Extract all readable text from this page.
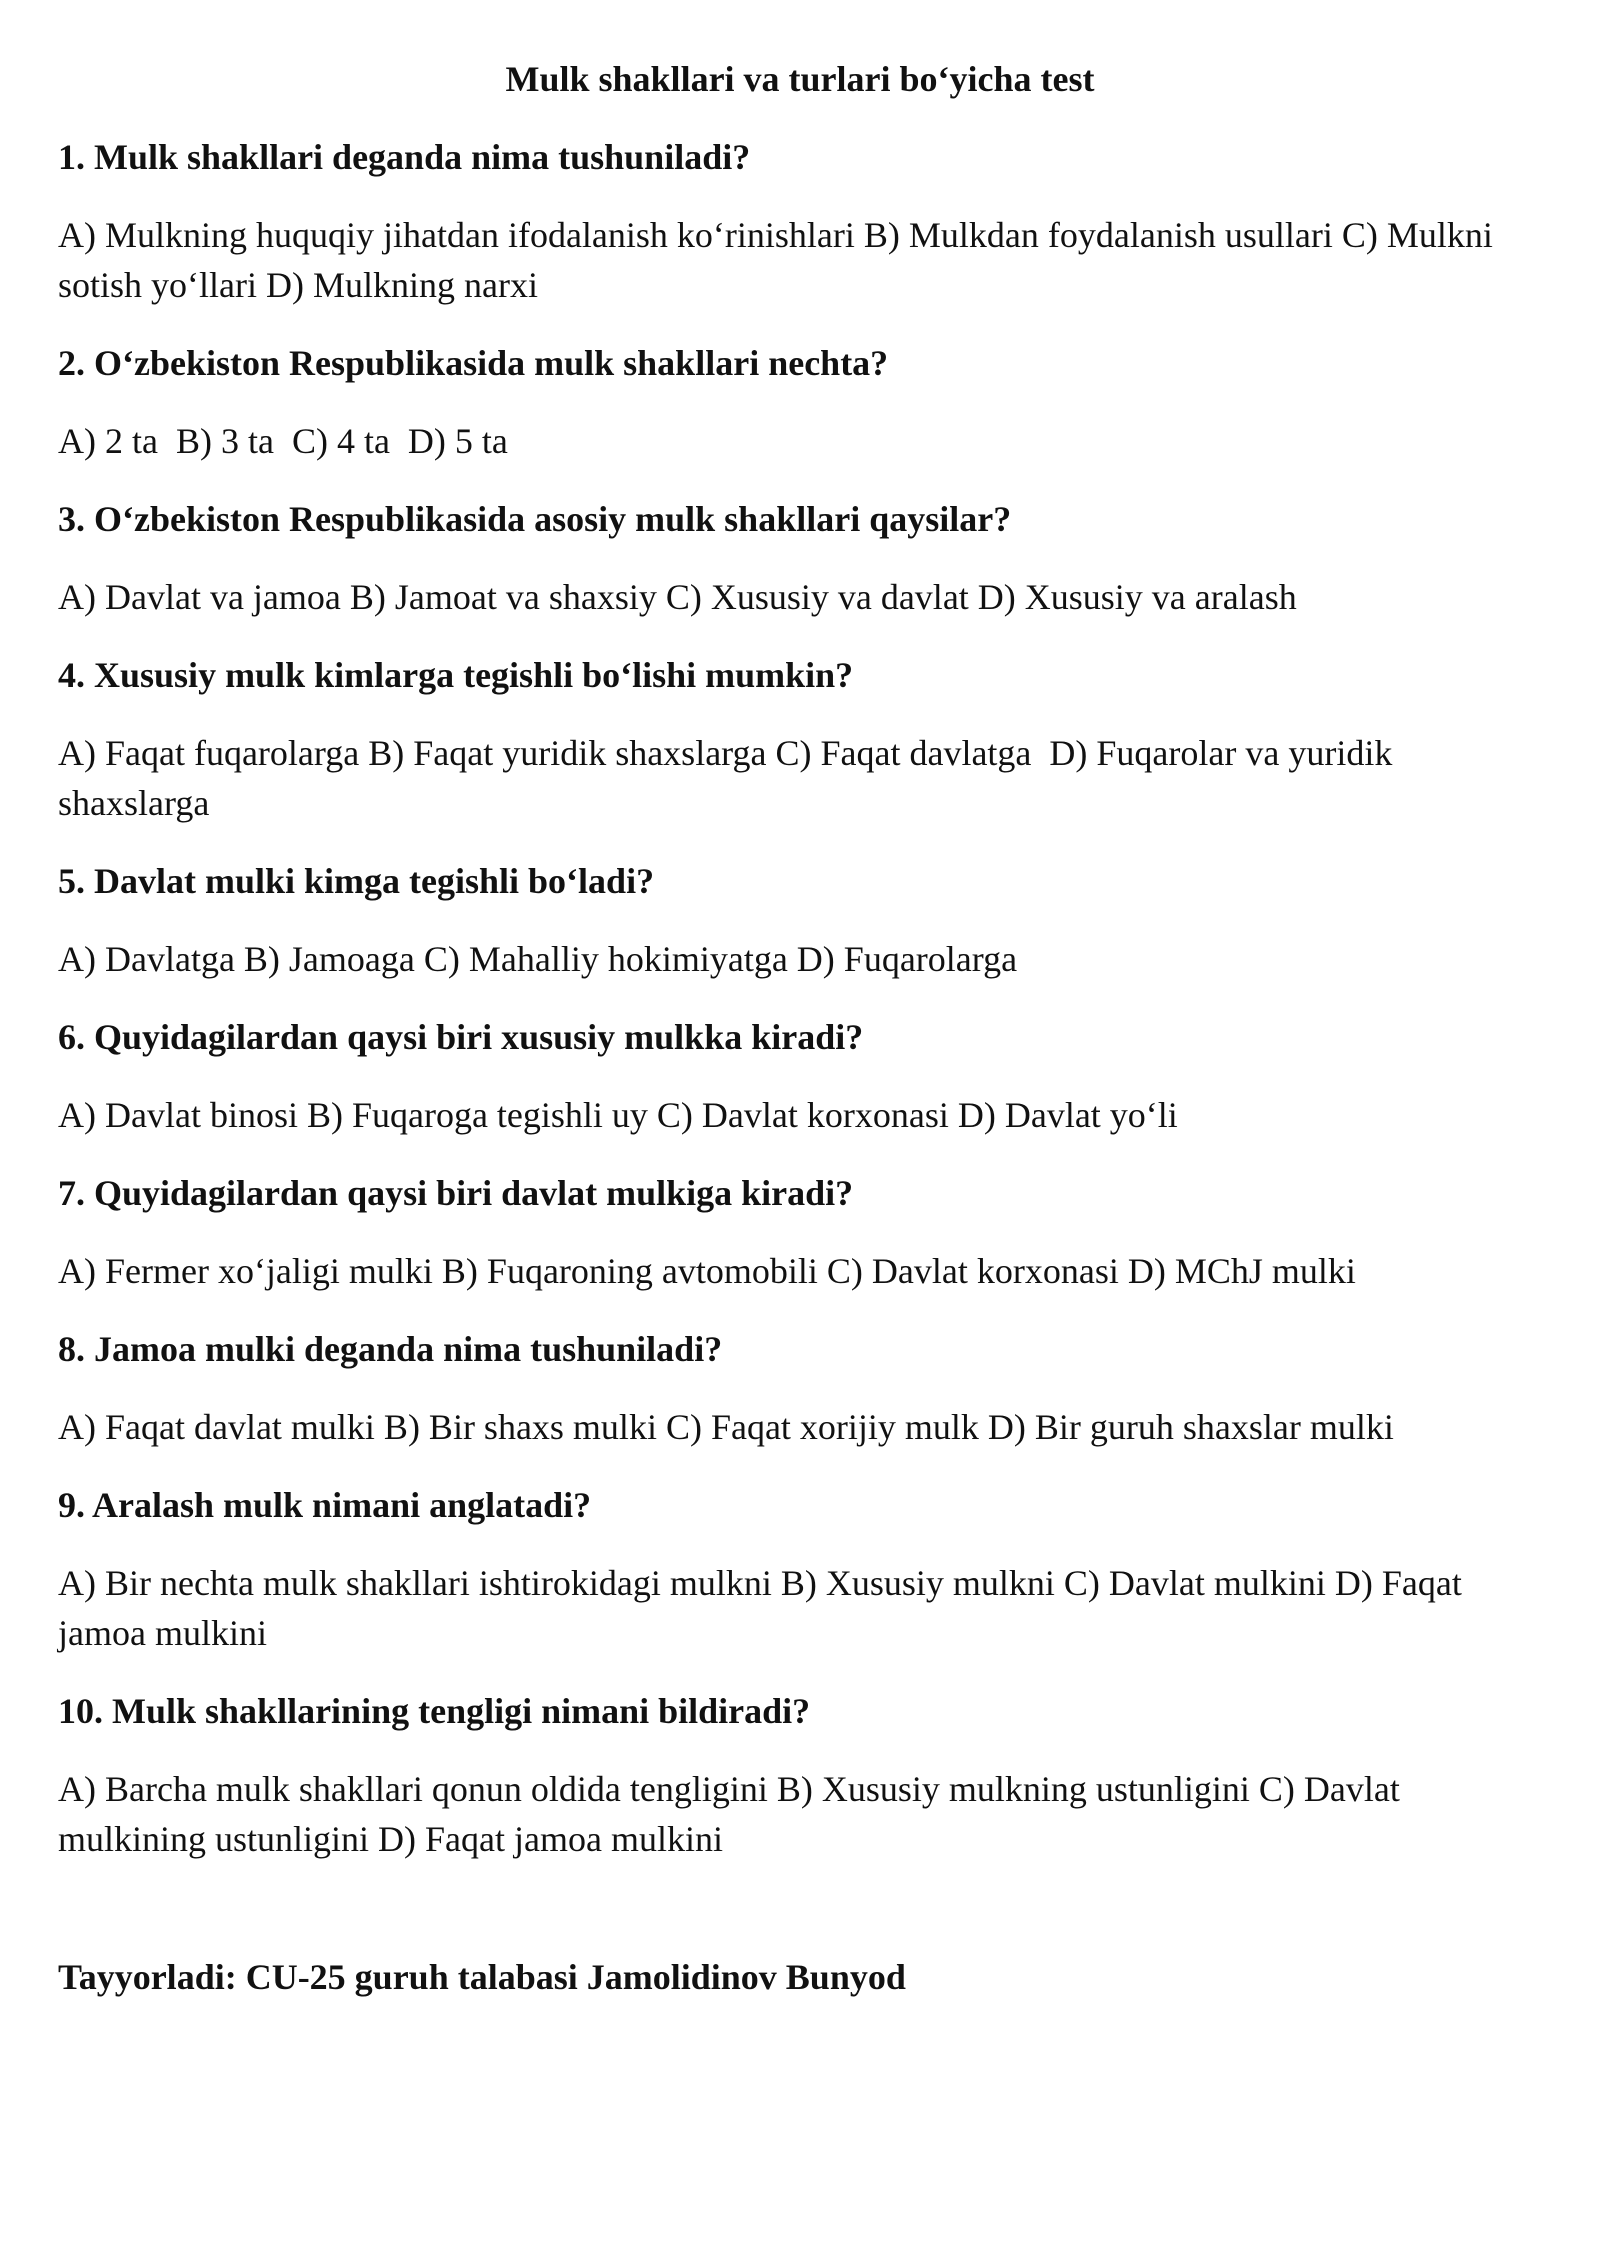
Mulk shakllari va turlari bo‘yicha test
1. Mulk shakllari deganda nima tushuniladi?
A) Mulkning huquqiy jihatdan ifodalanish ko‘rinishlari B) Mulkdan foydalanish usullari C) Mulkni sotish yo‘llari D) Mulkning narxi
2. O‘zbekiston Respublikasida mulk shakllari nechta?
A) 2 ta  B) 3 ta  C) 4 ta  D) 5 ta
3. O‘zbekiston Respublikasida asosiy mulk shakllari qaysilar?
A) Davlat va jamoa B) Jamoat va shaxsiy C) Xususiy va davlat D) Xususiy va aralash
4. Xususiy mulk kimlarga tegishli bo‘lishi mumkin?
A) Faqat fuqarolarga B) Faqat yuridik shaxslarga C) Faqat davlatga  D) Fuqarolar va yuridik shaxslarga
5. Davlat mulki kimga tegishli bo‘ladi?
A) Davlatga B) Jamoaga C) Mahalliy hokimiyatga D) Fuqarolarga
6. Quyidagilardan qaysi biri xususiy mulkka kiradi?
A) Davlat binosi B) Fuqaroga tegishli uy C) Davlat korxonasi D) Davlat yo‘li
7. Quyidagilardan qaysi biri davlat mulkiga kiradi?
A) Fermer xo‘jaligi mulki B) Fuqaroning avtomobili C) Davlat korxonasi D) MChJ mulki
8. Jamoa mulki deganda nima tushuniladi?
A) Faqat davlat mulki B) Bir shaxs mulki C) Faqat xorijiy mulk D) Bir guruh shaxslar mulki
9. Aralash mulk nimani anglatadi?
A) Bir nechta mulk shakllari ishtirokidagi mulkni B) Xususiy mulkni C) Davlat mulkini D) Faqat jamoa mulkini
10. Mulk shakllarining tengligi nimani bildiradi?
A) Barcha mulk shakllari qonun oldida tengligini B) Xususiy mulkning ustunligini C) Davlat mulkining ustunligini D) Faqat jamoa mulkini
Tayyorladi: CU-25 guruh talabasi Jamolidinov Bunyod
